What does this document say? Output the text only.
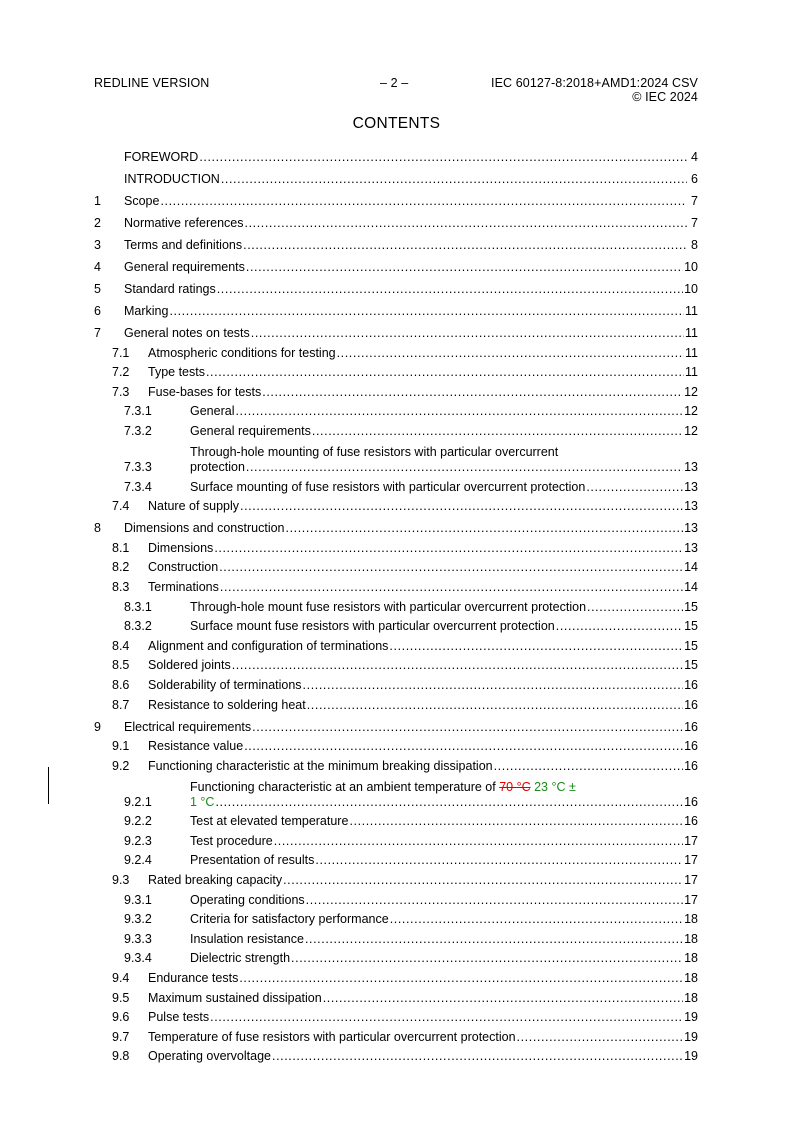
REDLINE VERSION	– 2 –	IEC 60127-8:2018+AMD1:2024 CSV
© IEC 2024
CONTENTS
FOREWORD .....	4
INTRODUCTION .....	6
1	Scope .....	7
2	Normative references .....	7
3	Terms and definitions .....	8
4	General requirements .....	10
5	Standard ratings .....	10
6	Marking .....	11
7	General notes on tests .....	11
7.1	Atmospheric conditions for testing .....	11
7.2	Type tests .....	11
7.3	Fuse-bases for tests .....	12
7.3.1	General .....	12
7.3.2	General requirements .....	12
7.3.3
Through-hole mounting of fuse resistors with particular overcurrent
protection .....	13
7.3.4	Surface mounting of fuse resistors with particular overcurrent protection .....	13
7.4	Nature of supply .....	13
8	Dimensions and construction .....	13
8.1	Dimensions .....	13
8.2	Construction .....	14
8.3	Terminations .....	14
8.3.1	Through-hole mount fuse resistors with particular overcurrent protection .....	15
8.3.2	Surface mount fuse resistors with particular overcurrent protection .....	15
8.4	Alignment and configuration of terminations .....	15
8.5	Soldered joints .....	15
8.6	Solderability of terminations .....	16
8.7	Resistance to soldering heat .....	16
9	Electrical requirements .....	16
9.1	Resistance value .....	16
9.2	Functioning characteristic at the minimum breaking dissipation .....	16
9.2.1
Functioning characteristic at an ambient temperature of 70 °C 23 °C ±
1 °C .....	16
9.2.2	Test at elevated temperature .....	16
9.2.3	Test procedure .....	17
9.2.4	Presentation of results .....	17
9.3	Rated breaking capacity .....	17
9.3.1	Operating conditions .....	17
9.3.2	Criteria for satisfactory performance .....	18
9.3.3	Insulation resistance .....	18
9.3.4	Dielectric strength .....	18
9.4	Endurance tests .....	18
9.5	Maximum sustained dissipation .....	18
9.6	Pulse tests .....	19
9.7	Temperature of fuse resistors with particular overcurrent protection .....	19
9.8	Operating overvoltage .....	19
